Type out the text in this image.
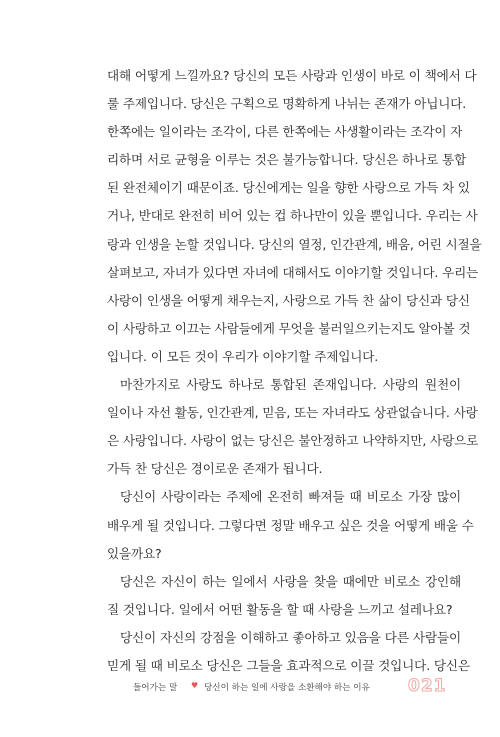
대해 어떻게 느낄까요? 당신의 모든 사랑과 인생이 바로 이 책에서 다
룰 주제입니다. 당신은 구획으로 명확하게 나뉘는 존재가 아닙니다.
한쪽에는 일이라는 조각이, 다른 한쪽에는 사생활이라는 조각이 자
리하며 서로 균형을 이루는 것은 불가능합니다. 당신은 하나로 통합
된 완전체이기 때문이죠. 당신에게는 일을 향한 사랑으로 가득 차 있
거나, 반대로 완전히 비어 있는 컵 하나만이 있을 뿐입니다. 우리는 사
랑과 인생을 논할 것입니다. 당신의 열정, 인간관계, 배움, 어린 시절을
살펴보고, 자녀가 있다면 자녀에 대해서도 이야기할 것입니다. 우리는
사랑이 인생을 어떻게 채우는지, 사랑으로 가득 찬 삶이 당신과 당신
이 사랑하고 이끄는 사람들에게 무엇을 불러일으키는지도 알아볼 것
입니다. 이 모든 것이 우리가 이야기할 주제입니다.
마찬가지로 사랑도 하나로 통합된 존재입니다. 사랑의 원천이
일이나 자선 활동, 인간관계, 믿음, 또는 자녀라도 상관없습니다. 사랑
은 사랑입니다. 사랑이 없는 당신은 불안정하고 나약하지만, 사랑으로
가득 찬 당신은 경이로운 존재가 됩니다.
당신이 사랑이라는 주제에 온전히 빠져들 때 비로소 가장 많이
배우게 될 것입니다. 그렇다면 정말 배우고 싶은 것을 어떻게 배울 수
있을까요?
당신은 자신이 하는 일에서 사랑을 찾을 때에만 비로소 강인해
질 것입니다. 일에서 어떤 활동을 할 때 사랑을 느끼고 설레나요?
당신이 자신의 강점을 이해하고 좋아하고 있음을 다른 사람들이
믿게 될 때 비로소 당신은 그들을 효과적으로 이끌 것입니다. 당신은
들어가는 말 ♥ 당신이 하는 일에 사랑을 소환해야 하는 이유 021
